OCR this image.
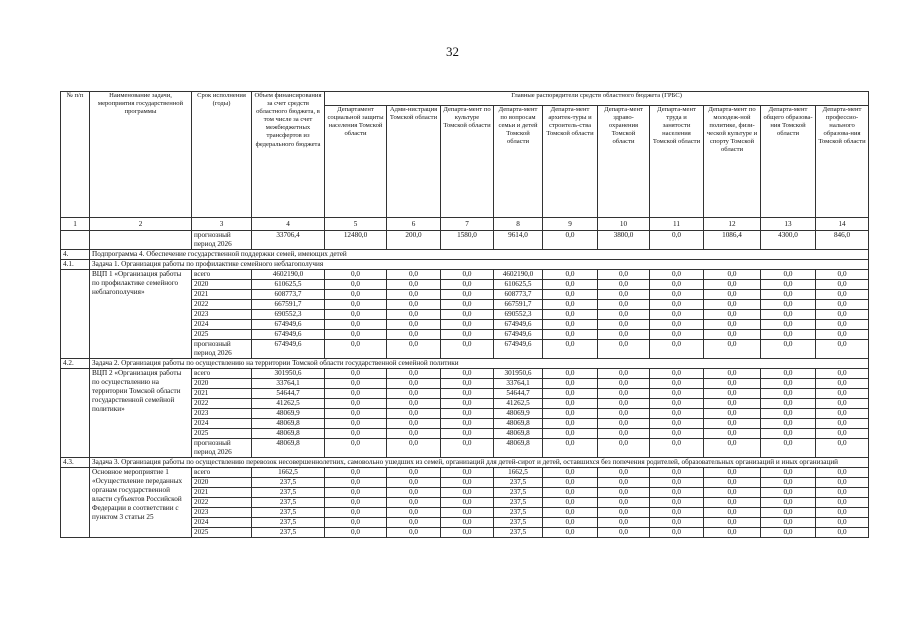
32
№ п/п	Наименование задачи, мероприятия государственной программы	Срок исполнения (годы)	Объем финансирования за счет средств областного бюджета, в том числе за счет межбюджетных трансфертов из федерального бюджета	Главные распорядители средств областного бюджета (ГРБС)									
				Департамент социальной защиты населения Томской области	Адми-нистрация Томской области	Департа-мент по культуре Томской области	Департа-мент по вопросам семьи и детей Томской области	Департа-мент архитек-туры и строитель-ства Томской области	Департа-мент здраво-охранения Томской области	Департа-мент труда и занятости населения Томской области	Департа-мент по молодеж-ной политике, физи-ческой культуре и спорту Томской области	Департа-мент общего образова-ния Томской области	Департа-мент профессио-нального образова-ния Томской области
1	2	3	4	5	6	7	8	9	10	11	12	13	14
		прогнозный период 2026	33706,4	12480,0	200,0	1580,0	9614,0	0,0	3800,0	0,0	1086,4	4300,0	846,0
4.	Подпрограмма 4. Обеспечение государственной поддержки семей, имеющих детей												
4.1.	Задача 1. Организация работы по профилактике семейного неблагополучия												
	ВЦП 1 «Организация работы по профилактике семейного неблагополучия»	всего	4602190,0	0,0	0,0	0,0	4602190,0	0,0	0,0	0,0	0,0	0,0	0,0
		2020	610625,5	0,0	0,0	0,0	610625,5	0,0	0,0	0,0	0,0	0,0	0,0
		2021	608773,7	0,0	0,0	0,0	608773,7	0,0	0,0	0,0	0,0	0,0	0,0
		2022	667591,7	0,0	0,0	0,0	667591,7	0,0	0,0	0,0	0,0	0,0	0,0
		2023	690552,3	0,0	0,0	0,0	690552,3	0,0	0,0	0,0	0,0	0,0	0,0
		2024	674949,6	0,0	0,0	0,0	674949,6	0,0	0,0	0,0	0,0	0,0	0,0
		2025	674949,6	0,0	0,0	0,0	674949,6	0,0	0,0	0,0	0,0	0,0	0,0
		прогнозный период 2026	674949,6	0,0	0,0	0,0	674949,6	0,0	0,0	0,0	0,0	0,0	0,0
4.2.	Задача 2. Организация работы по осуществлению на территории Томской области государственной семейной политики												
	ВЦП 2 «Организация работы по осуществлению на территории Томской области государственной семейной политики»	всего	301950,6	0,0	0,0	0,0	301950,6	0,0	0,0	0,0	0,0	0,0	0,0
		2020	33764,1	0,0	0,0	0,0	33764,1	0,0	0,0	0,0	0,0	0,0	0,0
		2021	54644,7	0,0	0,0	0,0	54644,7	0,0	0,0	0,0	0,0	0,0	0,0
		2022	41262,5	0,0	0,0	0,0	41262,5	0,0	0,0	0,0	0,0	0,0	0,0
		2023	48069,9	0,0	0,0	0,0	48069,9	0,0	0,0	0,0	0,0	0,0	0,0
		2024	48069,8	0,0	0,0	0,0	48069,8	0,0	0,0	0,0	0,0	0,0	0,0
		2025	48069,8	0,0	0,0	0,0	48069,8	0,0	0,0	0,0	0,0	0,0	0,0
		прогнозный период 2026	48069,8	0,0	0,0	0,0	48069,8	0,0	0,0	0,0	0,0	0,0	0,0
4.3.	Задача 3. Организация работы по осуществлению перевозок несовершеннолетних, самовольно ушедших из семей, организаций для детей-сирот и детей, оставшихся без попечения родителей, образовательных организаций и иных организаций												
	Основное мероприятие 1 «Осуществление переданных органам государственной власти субъектов Российской Федерации в соответствии с пунктом 3 статьи 25	всего	1662,5	0,0	0,0	0,0	1662,5	0,0	0,0	0,0	0,0	0,0	0,0
		2020	237,5	0,0	0,0	0,0	237,5	0,0	0,0	0,0	0,0	0,0	0,0
		2021	237,5	0,0	0,0	0,0	237,5	0,0	0,0	0,0	0,0	0,0	0,0
		2022	237,5	0,0	0,0	0,0	237,5	0,0	0,0	0,0	0,0	0,0	0,0
		2023	237,5	0,0	0,0	0,0	237,5	0,0	0,0	0,0	0,0	0,0	0,0
		2024	237,5	0,0	0,0	0,0	237,5	0,0	0,0	0,0	0,0	0,0	0,0
		2025	237,5	0,0	0,0	0,0	237,5	0,0	0,0	0,0	0,0	0,0	0,0
